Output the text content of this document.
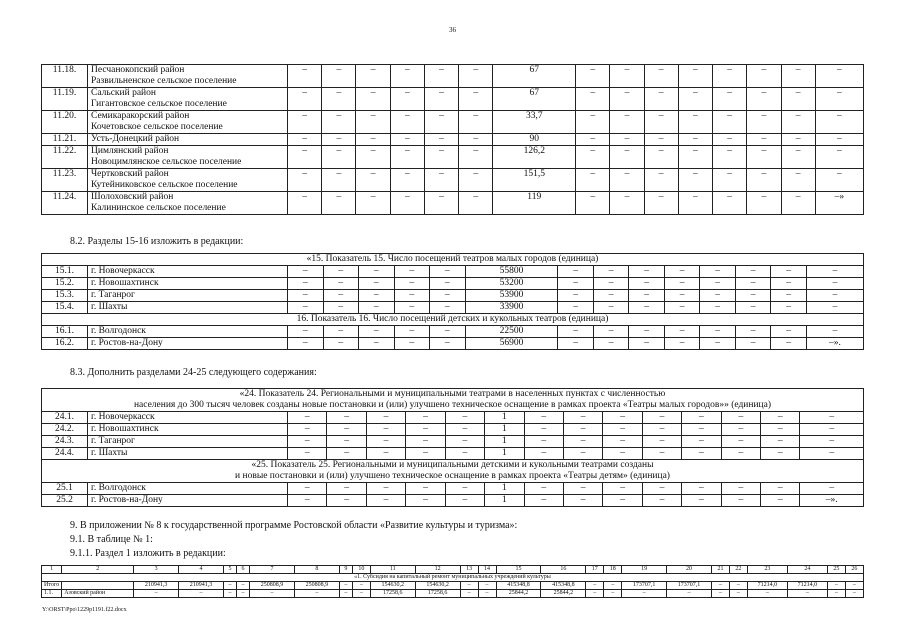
36
11.18.	Песчанокопский район
Развильненское сельское поселение	–	–	–	–	–	–	67	–	–	–	–	–	–	–	–
11.19.	Сальский район
Гигантовское сельское поселение	–	–	–	–	–	–	67	–	–	–	–	–	–	–	–
11.20.	Семикаракорский район
Кочетовское сельское поселение	–	–	–	–	–	–	33,7	–	–	–	–	–	–	–	–
11.21.	Усть-Донецкий район	–	–	–	–	–	–	90	–	–	–	–	–	–	–	–
11.22.	Цимлянский район
Новоцимлянское сельское поселение	–	–	–	–	–	–	126,2	–	–	–	–	–	–	–	–
11.23.	Чертковский район
Кутейниковское сельское поселение	–	–	–	–	–	–	151,5	–	–	–	–	–	–	–	–
11.24.	Шолоховский район
Калининское сельское поселение	–	–	–	–	–	–	119	–	–	–	–	–	–	–	–»
8.2. Разделы 15-16 изложить в редакции:
«15. Показатель 15. Число посещений театров малых городов (единица)															
15.1.	г. Новочеркасск	–	–	–	–	–	55800	–	–	–	–	–	–	–	–
15.2.	г. Новошахтинск	–	–	–	–	–	53200	–	–	–	–	–	–	–	–
15.3.	г. Таганрог	–	–	–	–	–	53900	–	–	–	–	–	–	–	–
15.4.	г. Шахты	–	–	–	–	–	33900	–	–	–	–	–	–	–	–
16. Показатель 16. Число посещений детских и кукольных театров (единица)															
16.1.	г. Волгодонск	–	–	–	–	–	22500	–	–	–	–	–	–	–	–
16.2.	г. Ростов-на-Дону	–	–	–	–	–	56900	–	–	–	–	–	–	–	–».
8.3. Дополнить разделами 24-25 следующего содержания:
«24. Показатель 24. Региональными и муниципальными театрами в населенных пунктах с численностью
населения до 300 тысяч человек созданы новые постановки и (или) улучшено техническое оснащение в рамках проекта «Театры малых городов»» (единица)															

24.1.	г. Новочеркасск	–	–	–	–	–	1	–	–	–	–	–	–	–	–
24.2.	г. Новошахтинск	–	–	–	–	–	1	–	–	–	–	–	–	–	–
24.3.	г. Таганрог	–	–	–	–	–	1	–	–	–	–	–	–	–	–
24.4.	г. Шахты	–	–	–	–	–	1	–	–	–	–	–	–	–	–

«25. Показатель 25. Региональными и муниципальными детскими и кукольными театрами созданы
и новые постановки и (или) улучшено техническое оснащение в рамках проекта «Театры детям» (единица)															

25.1	г. Волгодонск	–	–	–	–	–	1	–	–	–	–	–	–	–	–
25.2	г. Ростов-на-Дону	–	–	–	–	–	1	–	–	–	–	–	–	–	–».
9. В приложении № 8 к государственной программе Ростовской области «Развитие культуры и туризма»:
9.1. В таблице № 1:
9.1.1. Раздел 1 изложить в редакции:
1	2	3	4	5	6	7	8	9	10	11	12	13	14	15	16	17	18	19	20	21	22	23	24	25	26
«1. Субсидия на капитальный ремонт муниципальных учреждений культуры																									
Итого		210941,3	210941,3	–	–	250808,9	250808,9	–	–	154630,2	154630,2	–	–	415348,8	415348,8	–	–	173707,1	173707,1	–	–	71214,0	71214,0	–	–
1.1.	Азовский район	–	–	–	–	–	–	–	–	17258,6	17258,6	–	–	25844,2	25844,2	–	–	–	–	–	–	–	–	–	–
Y:\ORST\Ppo\1229p1191.f22.docx
